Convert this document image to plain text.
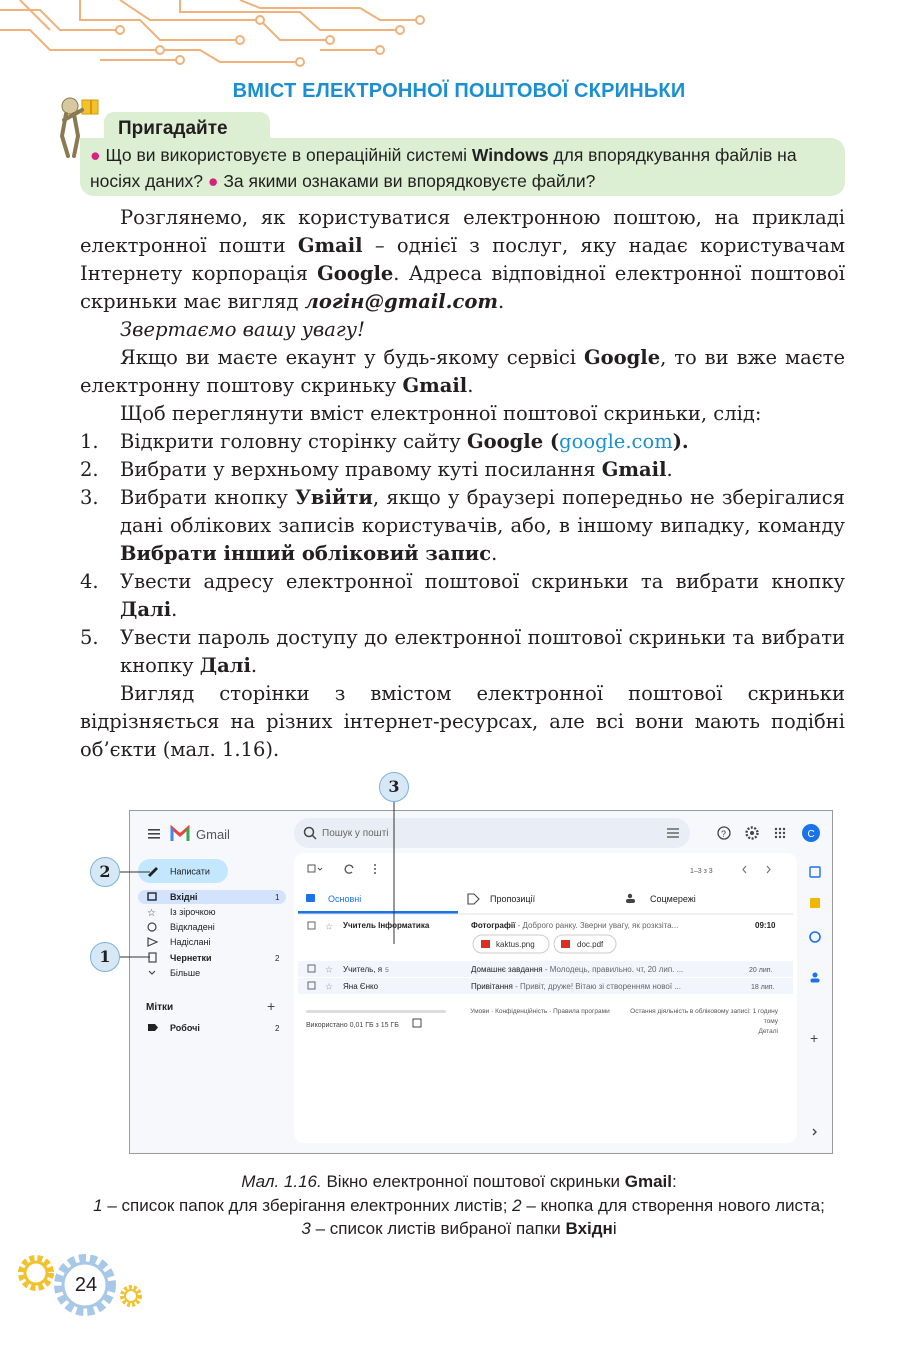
ВМІСТ ЕЛЕКТРОННОЇ ПОШТОВОЇ СКРИНЬКИ
Пригадайте
● Що ви використовуєте в операційній системі Windows для впорядкування файлів на носіях даних? ● За якими ознаками ви впорядковуєте файли?

Розглянемо, як користуватися електронною поштою, на прикладі електронної пошти Gmail – однієї з послуг, яку надає користувачам Інтернету корпорація Google. Адреса відповідної електронної поштової скриньки має вигляд логін@gmail.com.

Звертаємо вашу увагу!

Якщо ви маєте екаунт у будь-якому сервісі Google, то ви вже маєте електронну поштову скриньку Gmail.

Щоб переглянути вміст електронної поштової скриньки, слід:

1. Відкрити головну сторінку сайту Google (google.com).
2. Вибрати у верхньому правому куті посилання Gmail.
3. Вибрати кнопку Увійти, якщо у браузері попередньо не зберігалися дані облікових записів користувачів, або, в іншому випадку, команду Вибрати інший обліковий запис.
4. Увести адресу електронної поштової скриньки та вибрати кнопку Далі.
5. Увести пароль доступу до електронної поштової скриньки та вибрати кнопку Далі.

Вигляд сторінки з вмістом електронної поштової скриньки відрізняється на різних інтернет-ресурсах, але всі вони мають подібні об’єкти (мал. 1.16).

Gmail	Пошук у пошті	?	C
Написати
Вхідні	1
☆ Із зірочкою
Відкладені
Надіслані
Чернетки	2
Більше
Мітки	+
Робочі	2
1–3 з 3
Основні	Пропозиції	Соцмережі
☆ Учитель Інформатика	Фотографії - Доброго ранку. Зверни увагу, як розкзіта...	09:10
kaktus.png	doc.pdf
☆ Учитель, я 5	Домашнє завдання - Молодець, правильно. чт, 20 лип. ...	20 лип.
☆ Яна Єнко	Привітання - Привіт, друже! Вітаю зі створенням нової ...	18 лип.
Використано 0,01 ГБ з 15 ГБ
Умови · Конфіденційність · Правила програми	Остання діяльність в обліковому записі: 1 годину тому
Деталі +
2
1
3
Мал. 1.16. Вікно електронної поштової скриньки Gmail:
1 – список папок для зберігання електронних листів; 2 – кнопка для створення нового листа;
3 – список листів вибраної папки Вхідні
24
